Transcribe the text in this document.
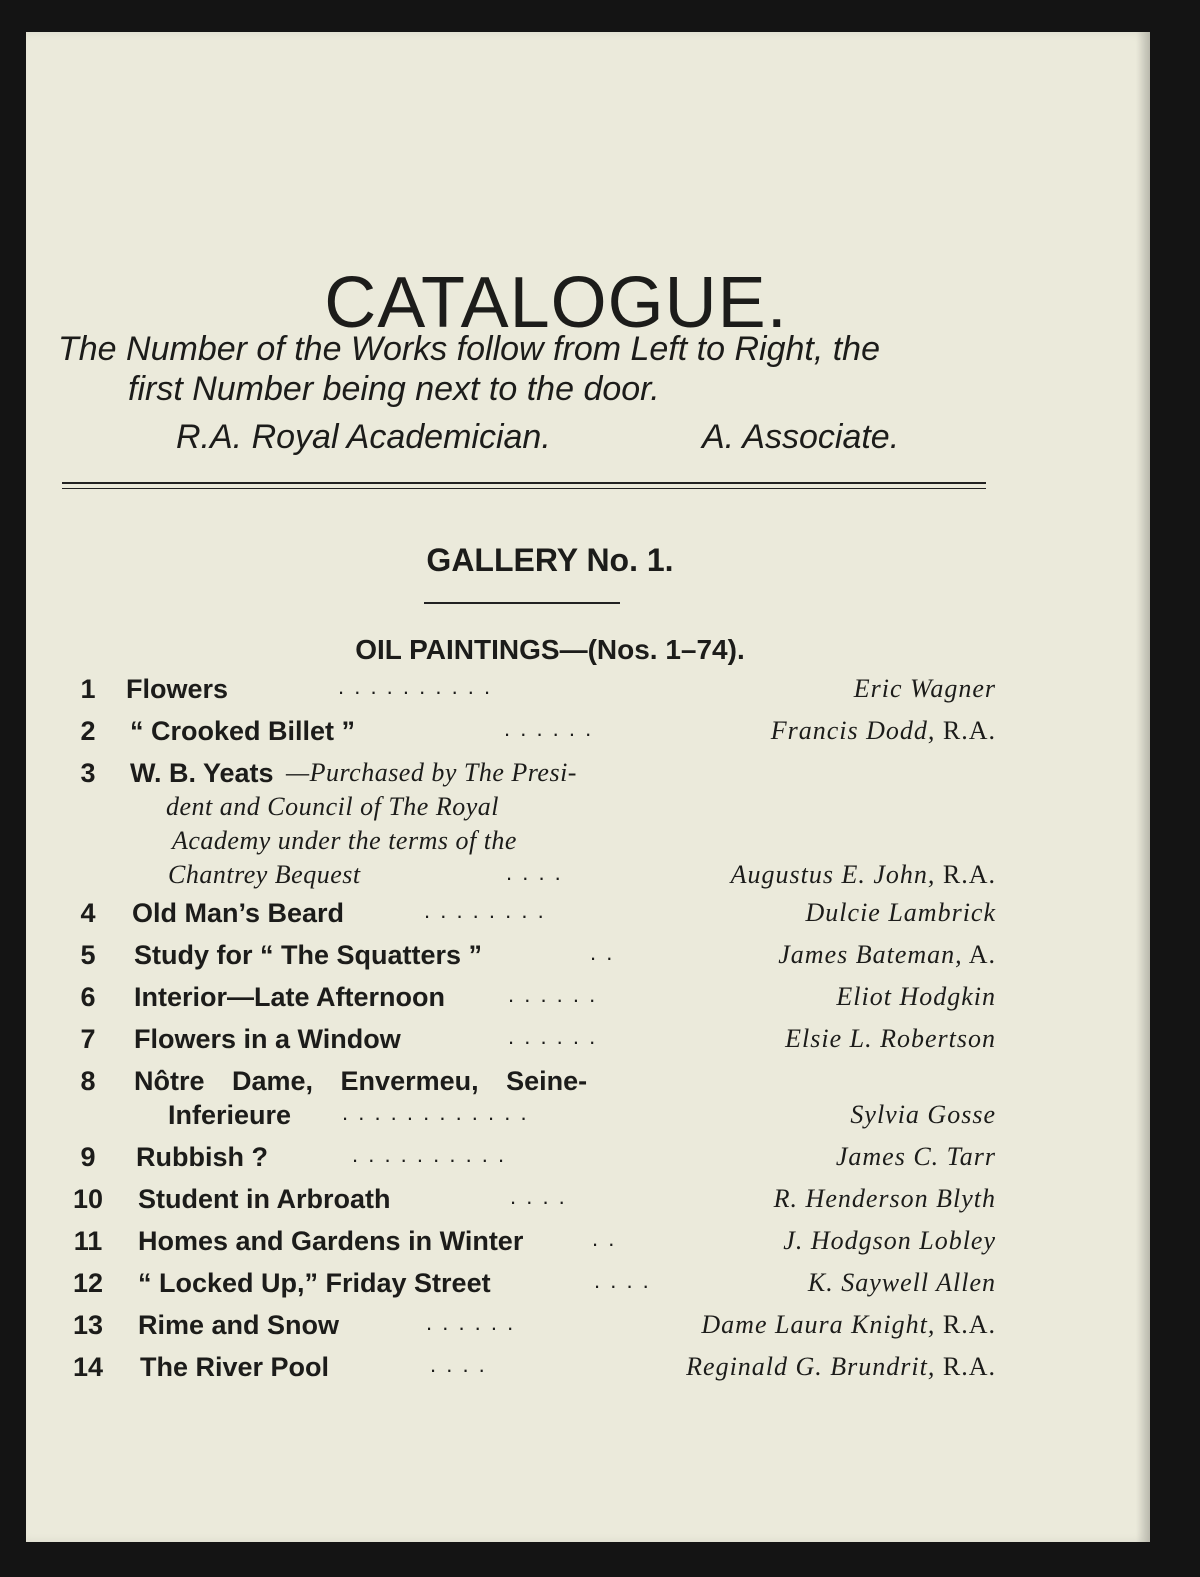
CATALOGUE.
The Number of the Works follow from Left to Right, the
first Number being next to the door.
R.A. Royal Academician.	A. Associate.
GALLERY No. 1.
OIL PAINTINGS—(Nos. 1–74).
1	Flowers	. . . . . . . . . .	Eric Wagner
2	“ Crooked Billet ”	. . . . . .	Francis Dodd, R.A.
3	W. B. Yeats —Purchased by The Presi-
dent and Council of The Royal
Academy under the terms of the
Chantrey Bequest	. . . .	Augustus E. John, R.A.
4	Old Man’s Beard	. . . . . . . .	Dulcie Lambrick
5	Study for “ The Squatters ”	. .	James Bateman, A.
6	Interior—Late Afternoon	. . . . . .	Eliot Hodgkin
7	Flowers in a Window	. . . . . .	Elsie L. Robertson
8	Nôtre Dame, Envermeu, Seine-
Inferieure . . . . . . . . . . . .	Sylvia Gosse
9	Rubbish ?	. . . . . . . . . .	James C. Tarr
10	Student in Arbroath	. . . .	R. Henderson Blyth
11	Homes and Gardens in Winter	. .	J. Hodgson Lobley
12	“ Locked Up,” Friday Street	. . . .	K. Saywell Allen
13	Rime and Snow	. . . . . .	Dame Laura Knight, R.A.
14	The River Pool	. . . .	Reginald G. Brundrit, R.A.
